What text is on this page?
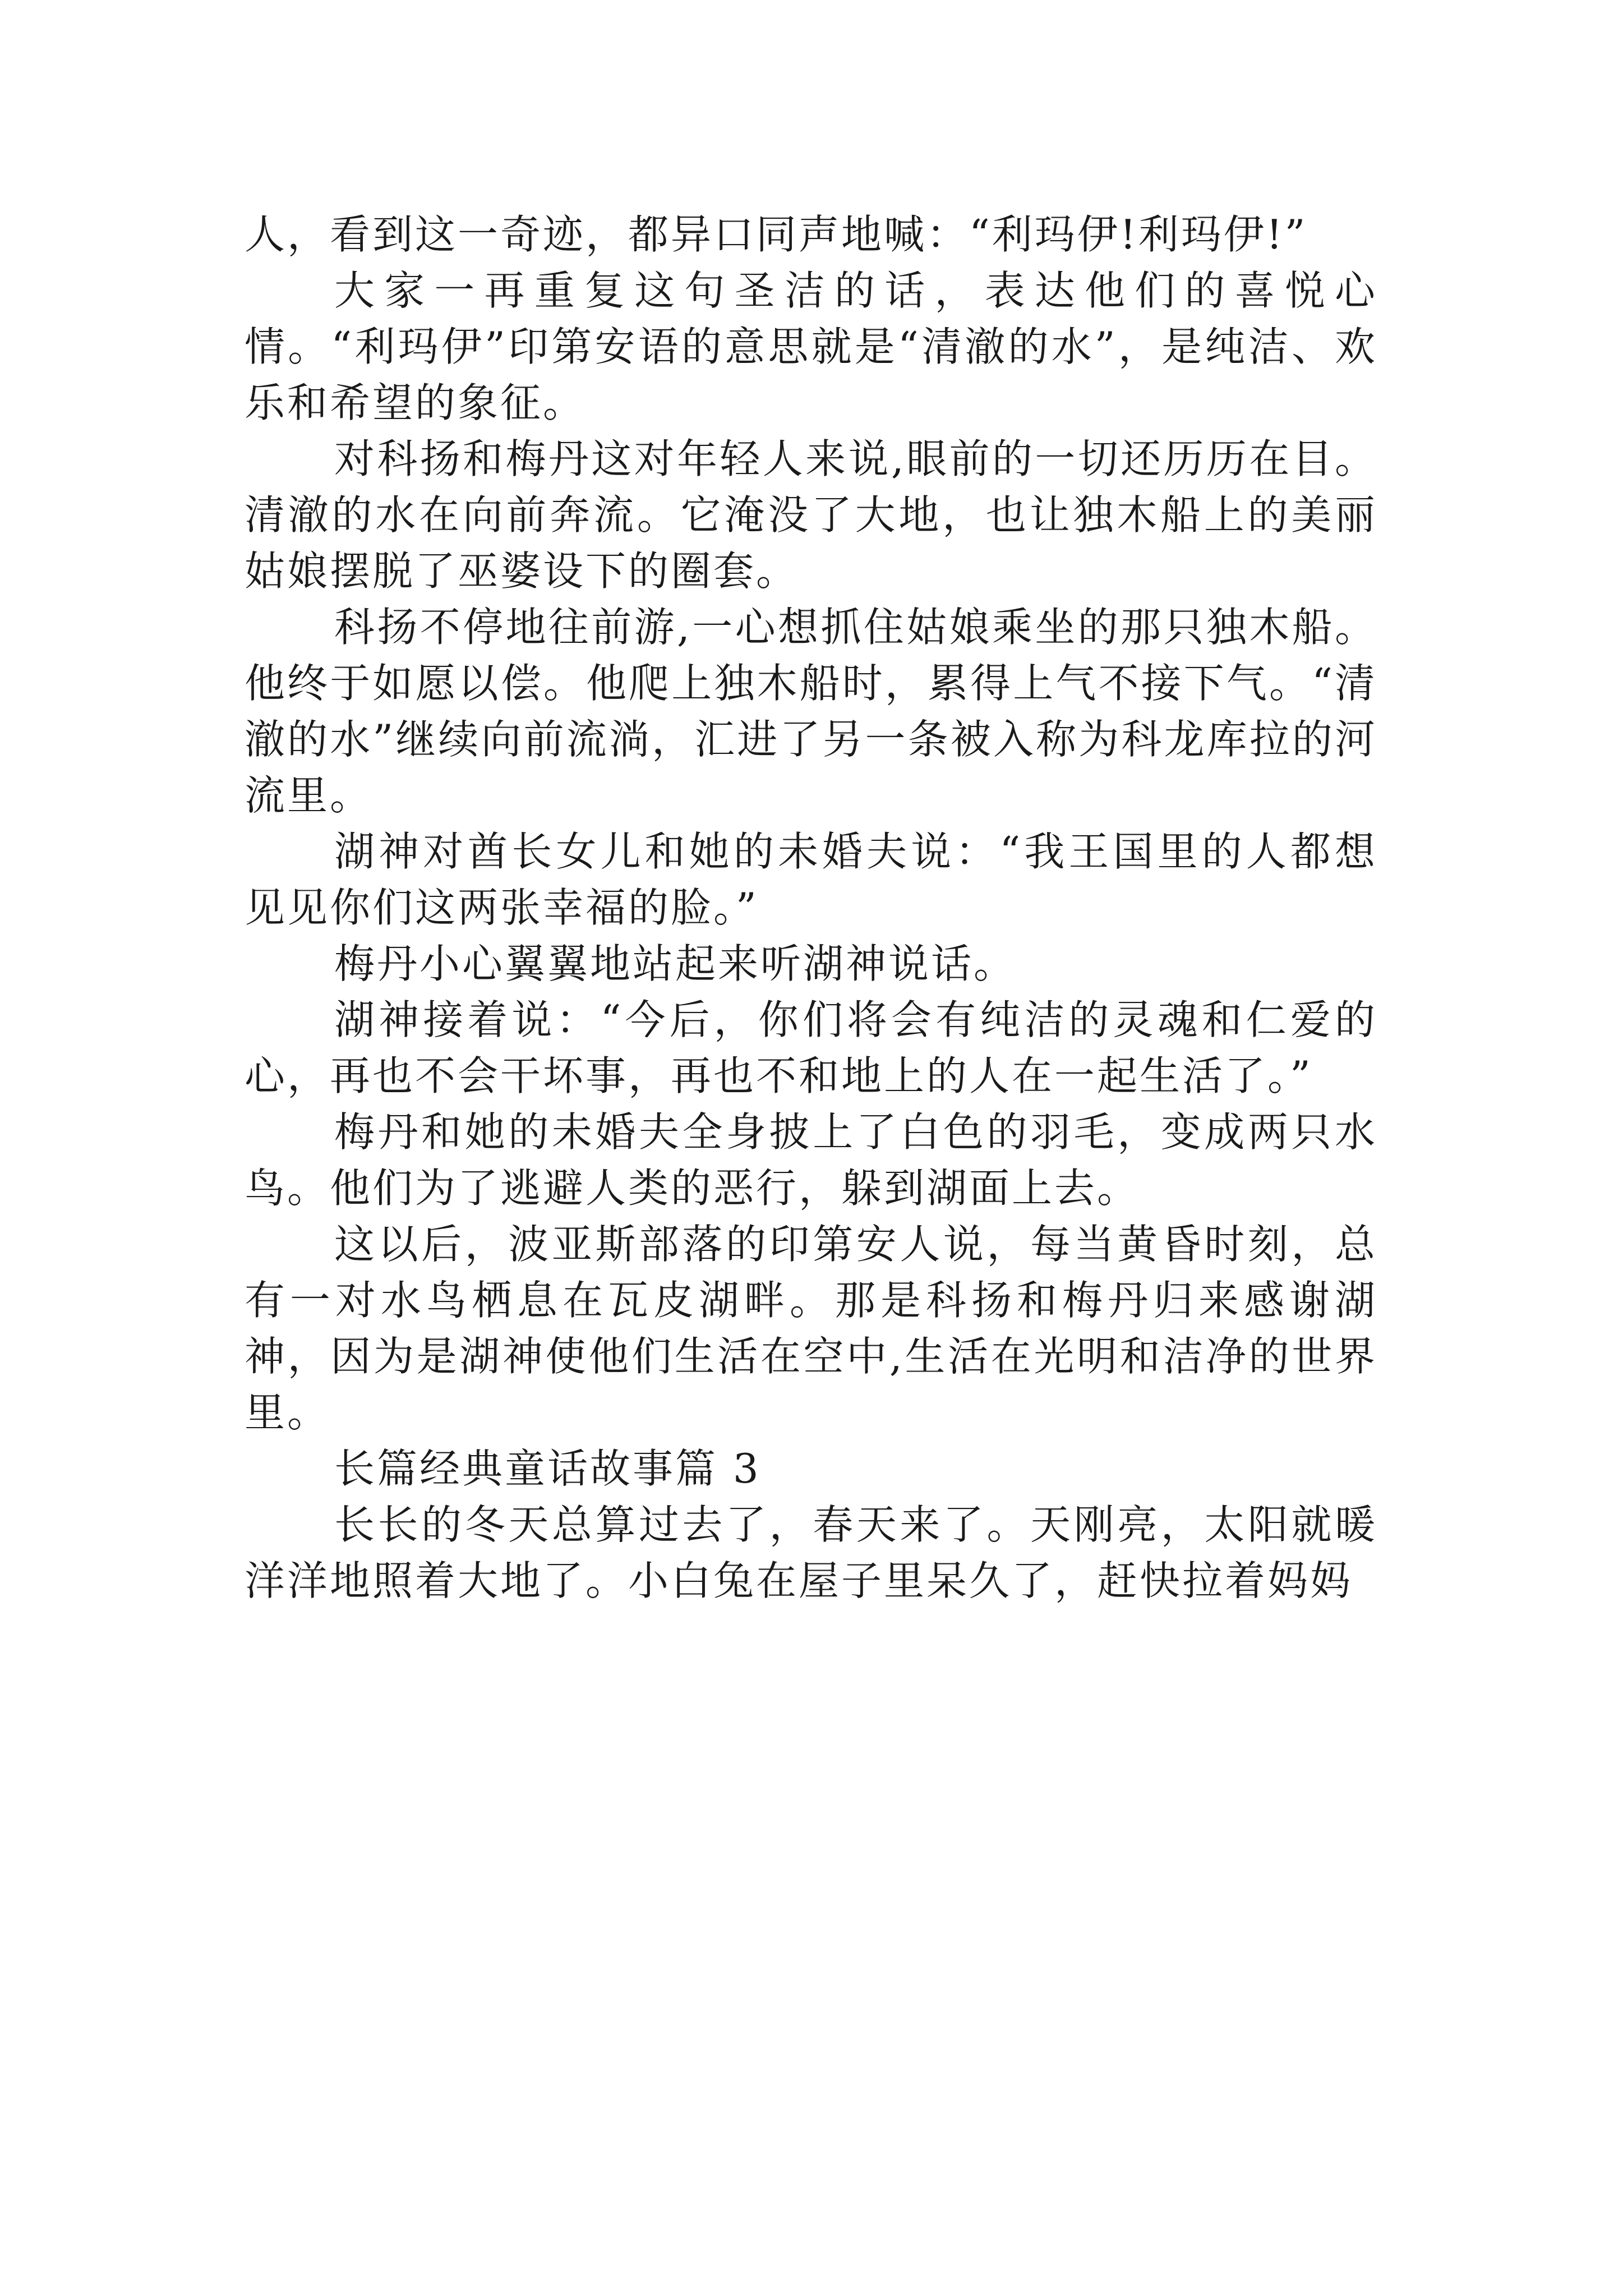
人，看到这一奇迹，都异口同声地喊：“利玛伊!利玛伊!”

大家一再重复这句圣洁的话，表达他们的喜悦心情。“利玛伊”印第安语的意思就是“清澈的水”，是纯洁、欢乐和希望的象征。

对科扬和梅丹这对年轻人来说,眼前的一切还历历在目。清澈的水在向前奔流。它淹没了大地，也让独木船上的美丽姑娘摆脱了巫婆设下的圈套。

科扬不停地往前游,一心想抓住姑娘乘坐的那只独木船。他终于如愿以偿。他爬上独木船时，累得上气不接下气。“清澈的水”继续向前流淌，汇进了另一条被入称为科龙库拉的河流里。

湖神对酋长女儿和她的未婚夫说：“我王国里的人都想见见你们这两张幸福的脸。”

梅丹小心翼翼地站起来听湖神说话。

湖神接着说：“今后，你们将会有纯洁的灵魂和仁爱的心，再也不会干坏事，再也不和地上的人在一起生活了。”

梅丹和她的未婚夫全身披上了白色的羽毛，变成两只水鸟。他们为了逃避人类的恶行，躲到湖面上去。

这以后，波亚斯部落的印第安人说，每当黄昏时刻，总有一对水鸟栖息在瓦皮湖畔。那是科扬和梅丹归来感谢湖神，因为是湖神使他们生活在空中,生活在光明和洁净的世界里。

长篇经典童话故事篇 3

长长的冬天总算过去了，春天来了。天刚亮，太阳就暖洋洋地照着大地了。小白兔在屋子里呆久了，赶快拉着妈妈
